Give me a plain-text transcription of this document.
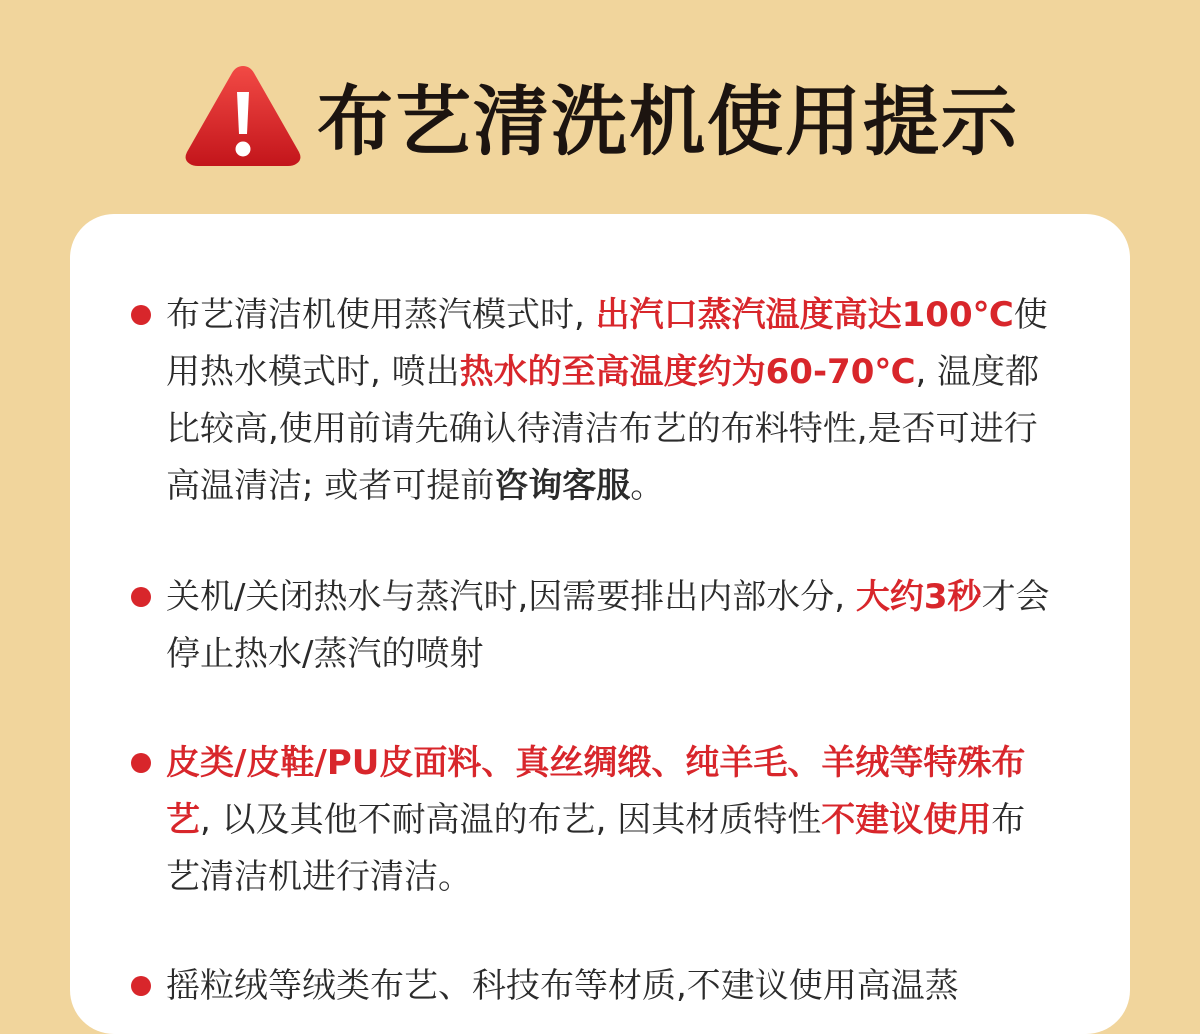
布艺清洗机使用提示
布艺清洁机使用蒸汽模式时, 出汽口蒸汽温度高达100℃使用热水模式时, 喷出热水的至高温度约为60-70℃, 温度都比较高,使用前请先确认待清洁布艺的布料特性,是否可进行高温清洁; 或者可提前咨询客服。
关机/关闭热水与蒸汽时,因需要排出内部水分, 大约3秒才会停止热水/蒸汽的喷射
皮类/皮鞋/PU皮面料、真丝绸缎、纯羊毛、羊绒等特殊布艺, 以及其他不耐高温的布艺, 因其材质特性不建议使用布艺清洁机进行清洁。
摇粒绒等绒类布艺、科技布等材质,不建议使用高温蒸
